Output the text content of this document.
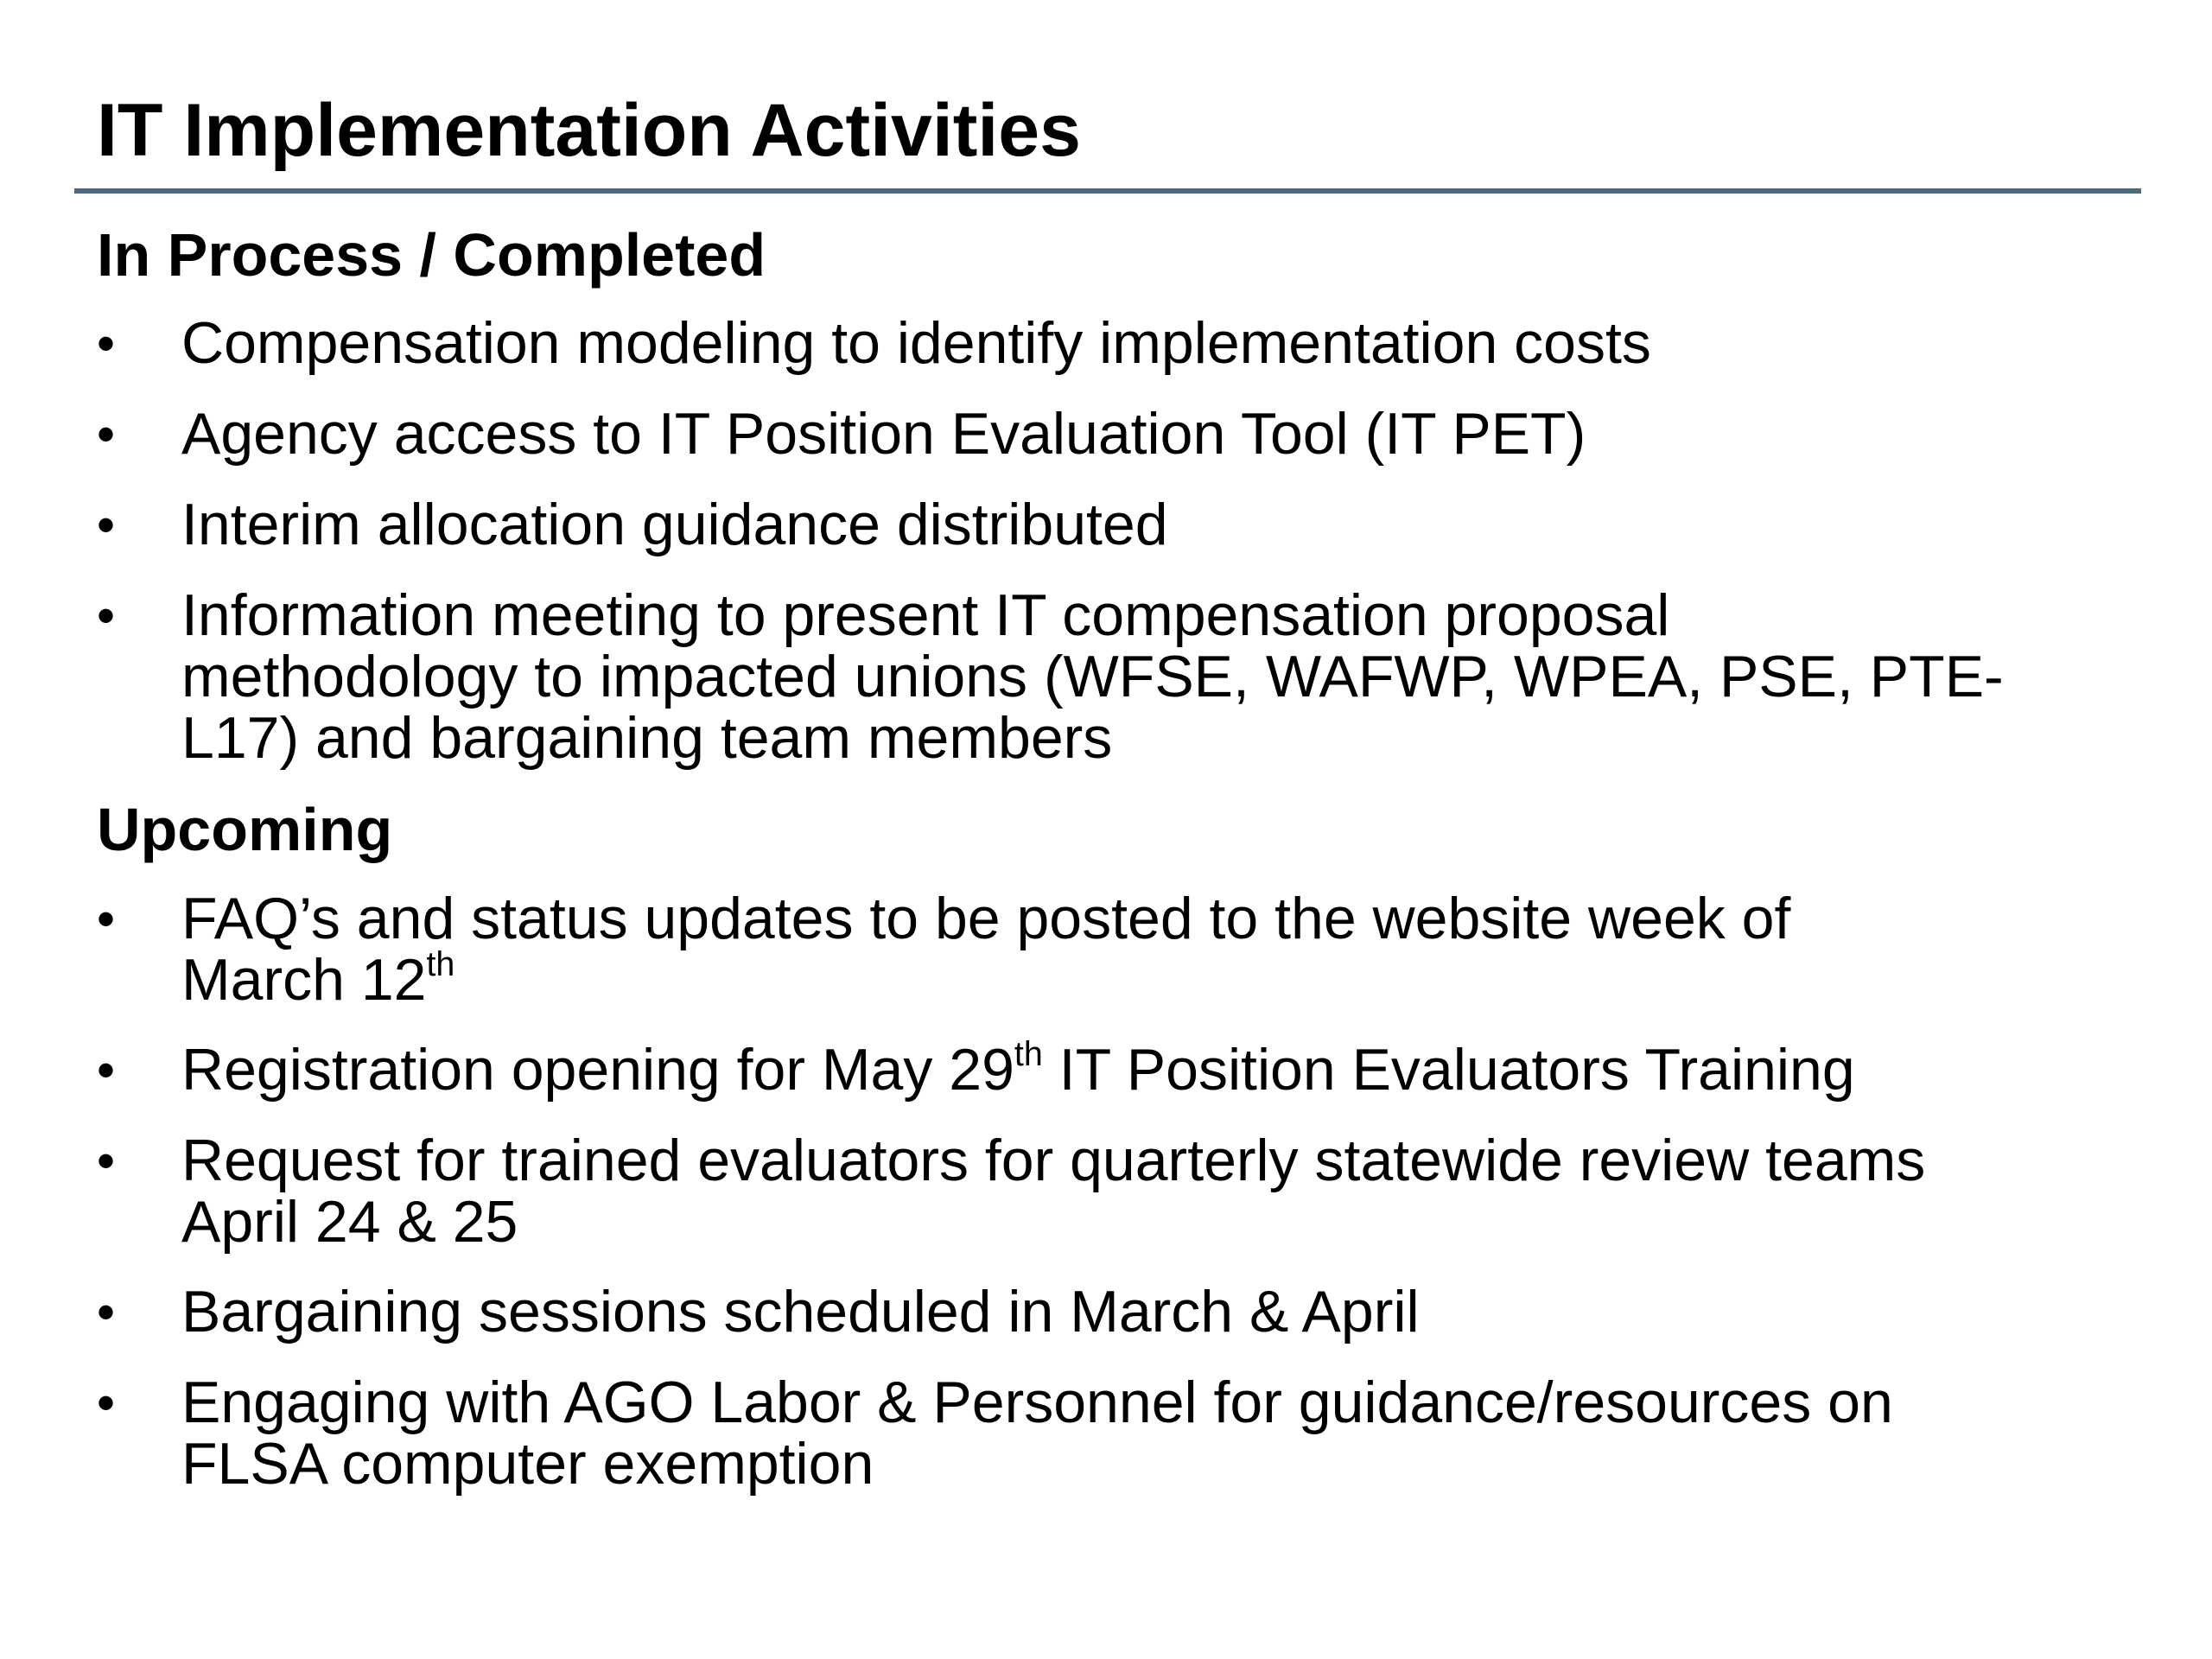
IT Implementation Activities
In Process / Completed
• Compensation modeling to identify implementation costs
• Agency access to IT Position Evaluation Tool (IT PET)
• Interim allocation guidance distributed
• Information meeting to present IT compensation proposal
methodology to impacted unions (WFSE, WAFWP, WPEA, PSE, PTE-
L17) and bargaining team members
Upcoming
• FAQ’s and status updates to be posted to the website week of
March 12th
• Registration opening for May 29th IT Position Evaluators Training
• Request for trained evaluators for quarterly statewide review teams
April 24 & 25
• Bargaining sessions scheduled in March & April
• Engaging with AGO Labor & Personnel for guidance/resources on
FLSA computer exemption
